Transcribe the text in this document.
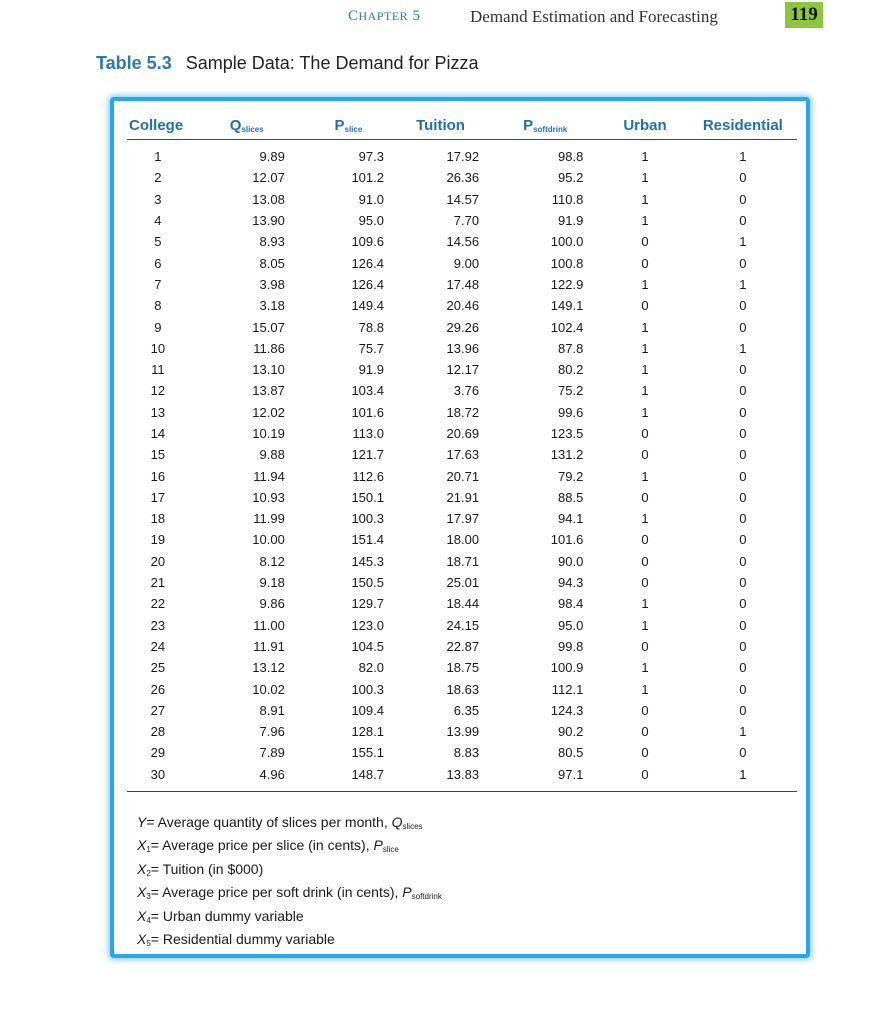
CHAPTER 5	Demand Estimation and Forecasting	119
Table 5.3 Sample Data: The Demand for Pizza
College	$Q_{slices}$	$P_{slice}$	Tuition	$P_{softdrink}$	Urban	Residential
1	9.89	97.3	17.92	98.8	1	1
2	12.07	101.2	26.36	95.2	1	0
3	13.08	91.0	14.57	110.8	1	0
4	13.90	95.0	7.70	91.9	1	0
5	8.93	109.6	14.56	100.0	0	1
6	8.05	126.4	9.00	100.8	0	0
7	3.98	126.4	17.48	122.9	1	1
8	3.18	149.4	20.46	149.1	0	0
9	15.07	78.8	29.26	102.4	1	0
10	11.86	75.7	13.96	87.8	1	1
11	13.10	91.9	12.17	80.2	1	0
12	13.87	103.4	3.76	75.2	1	0
13	12.02	101.6	18.72	99.6	1	0
14	10.19	113.0	20.69	123.5	0	0
15	9.88	121.7	17.63	131.2	0	0
16	11.94	112.6	20.71	79.2	1	0
17	10.93	150.1	21.91	88.5	0	0
18	11.99	100.3	17.97	94.1	1	0
19	10.00	151.4	18.00	101.6	0	0
20	8.12	145.3	18.71	90.0	0	0
21	9.18	150.5	25.01	94.3	0	0
22	9.86	129.7	18.44	98.4	1	0
23	11.00	123.0	24.15	95.0	1	0
24	11.91	104.5	22.87	99.8	0	0
25	13.12	82.0	18.75	100.9	1	0
26	10.02	100.3	18.63	112.1	1	0
27	8.91	109.4	6.35	124.3	0	0
28	7.96	128.1	13.99	90.2	0	1
29	7.89	155.1	8.83	80.5	0	0
30	4.96	148.7	13.83	97.1	0	1
Y= Average quantity of slices per month, $Q_{slices}$
$X_1=$ Average price per slice (in cents), $P_{slice}$
$X_2=$ Tuition (in $000)
$X_3=$ Average price per soft drink (in cents), $P_{softdrink}$
$X_4=$ Urban dummy variable
$X_5=$ Residential dummy variable
